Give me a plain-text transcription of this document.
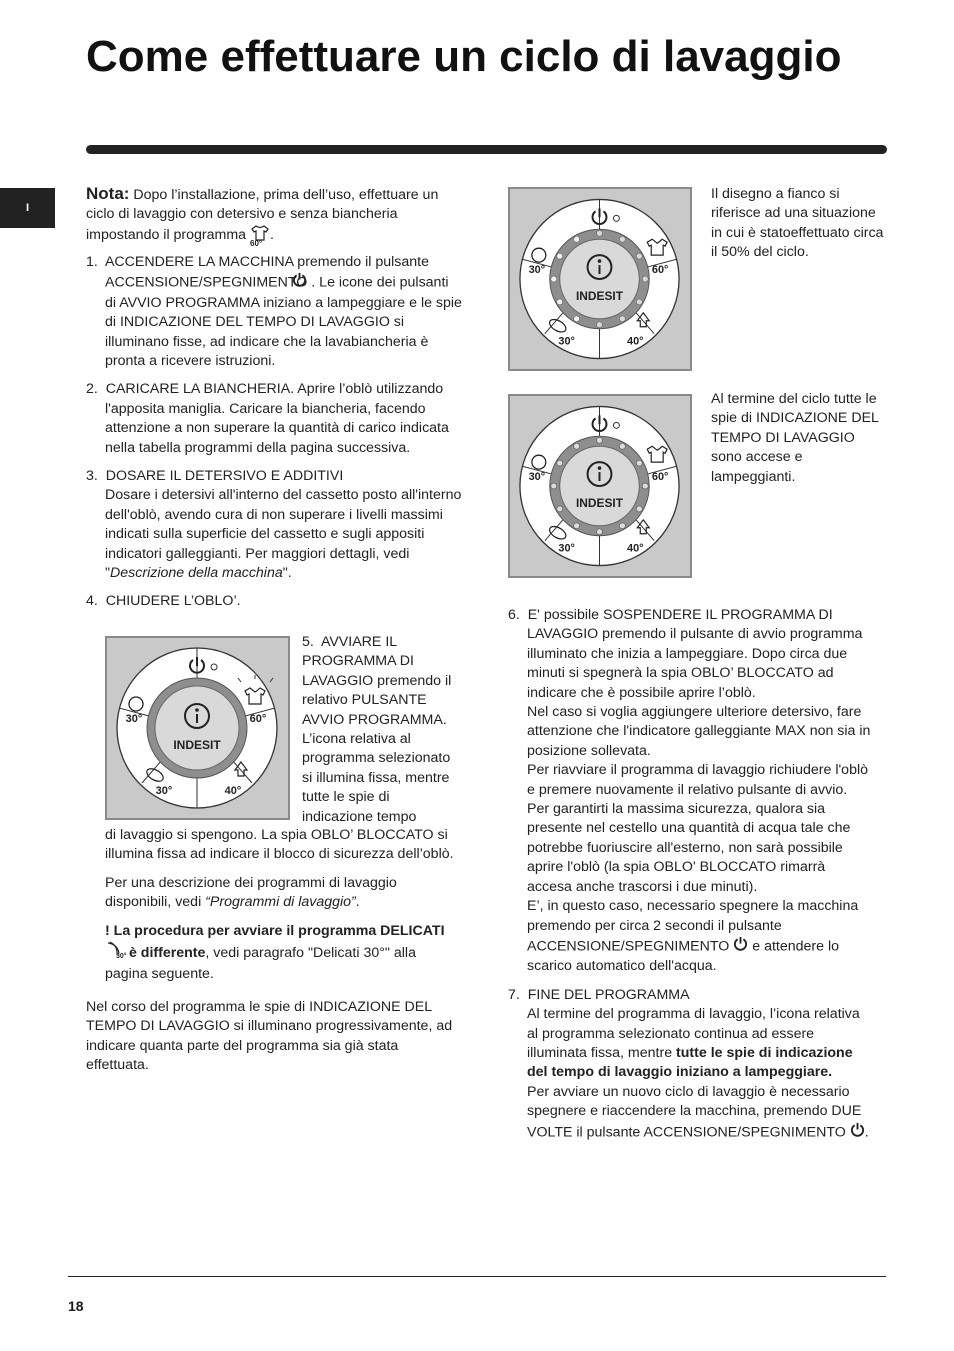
Come effettuare un ciclo di lavaggio
I

Nota: Dopo l’installazione, prima dell’uso, effettuare un ciclo di lavaggio con detersivo e senza biancheria impostando il programma
60°
.

1.  ACCENDERE LA MACCHINA premendo il pulsante ACCENSIONE/SPEGNIMENTO . Le icone dei pulsanti di AVVIO PROGRAMMA iniziano a lampeggiare e le spie di INDICAZIONE DEL TEMPO DI LAVAGGIO si illuminano fisse, ad indicare che la lavabiancheria è pronta a ricevere istruzioni.
2.  CARICARE LA BIANCHERIA. Aprire l’oblò utilizzando l'apposita maniglia. Caricare la biancheria, facendo attenzione a non superare la quantità di carico indicata nella tabella programmi della pagina successiva.
3.  DOSARE IL DETERSIVO E ADDITIVI
Dosare i detersivi all'interno del cassetto posto all'interno dell'oblò, avendo cura di non superare i livelli massimi indicati sulla superficie del cassetto e sugli appositi indicatori galleggianti. Per maggiori dettagli, vedi "Descrizione della macchina".
4.  CHIUDERE L’OBLO’.
INDESIT
60°
30°
30°	40°
5.  AVVIARE IL PROGRAMMA DI LAVAGGIO premendo il relativo PULSANTE AVVIO PROGRAMMA. L’icona relativa al programma selezionato si illumina fissa, mentre tutte le spie di indicazione tempo

di lavaggio si spengono. La spia OBLO’ BLOCCATO si illumina fissa ad indicare il blocco di sicurezza dell’oblò.

Per una descrizione dei programmi di lavaggio disponibili, vedi “Programmi di lavaggio”.

! La procedura per avviare il programma DELICATI
30°
è differente, vedi paragrafo "Delicati 30°" alla pagina seguente.

Nel corso del programma le spie di INDICAZIONE DEL TEMPO DI LAVAGGIO si illuminano progressivamente, ad indicare quanta parte del programma sia già stata effettuata.

INDESIT
60°
30°
30°	40°
Il disegno a fianco si riferisce ad una situazione in cui è statoeffettuato circa il 50% del ciclo.
INDESIT
60°
30°
30°	40°
Al termine del ciclo tutte le spie di INDICAZIONE DEL TEMPO DI LAVAGGIO sono accese e lampeggianti.
6.  E' possibile SOSPENDERE IL PROGRAMMA DI LAVAGGIO premendo il pulsante di avvio programma illuminato che inizia a lampeggiare. Dopo circa due minuti si spegnerà la spia OBLO’ BLOCCATO ad indicare che è possibile aprire l’oblò.
Nel caso si voglia aggiungere ulteriore detersivo, fare attenzione che l'indicatore galleggiante MAX non sia in posizione sollevata.
Per riavviare il programma di lavaggio richiudere l'oblò e premere nuovamente il relativo pulsante di avvio.
Per garantirti la massima sicurezza, qualora sia presente nel cestello una quantità di acqua tale che potrebbe fuoriuscire all'esterno, non sarà possibile aprire l'oblò (la spia OBLO' BLOCCATO rimarrà accesa anche trascorsi i due minuti).
E’, in questo caso, necessario spegnere la macchina premendo per circa 2 secondi il pulsante ACCENSIONE/SPEGNIMENTO  e attendere lo scarico automatico dell'acqua.
7.  FINE DEL PROGRAMMA
Al termine del programma di lavaggio, l’icona relativa al programma selezionato continua ad essere illuminata fissa, mentre tutte le spie di indicazione del tempo di lavaggio iniziano a lampeggiare.
Per avviare un nuovo ciclo di lavaggio è necessario spegnere e riaccendere la macchina, premendo DUE VOLTE il pulsante ACCENSIONE/SPEGNIMENTO .
18
